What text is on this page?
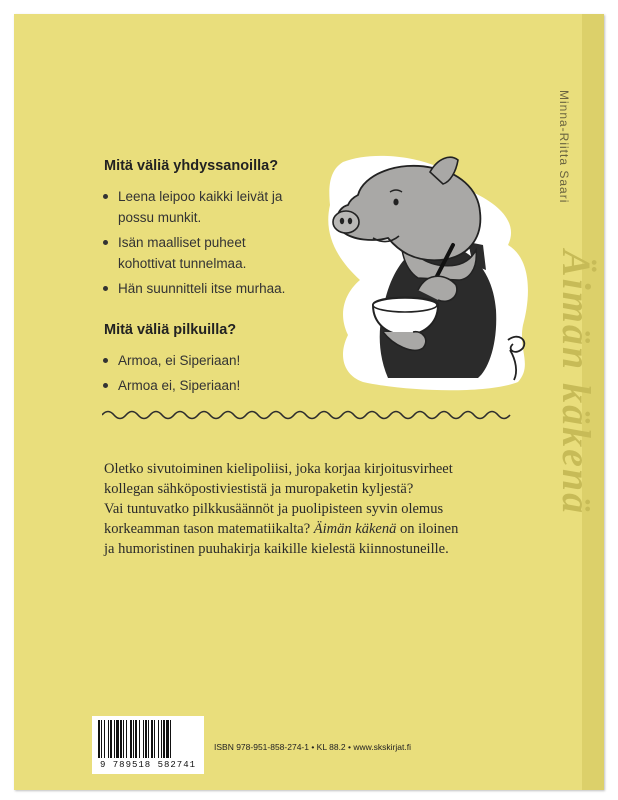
Minna-Riitta Saari
Äimän käkenä
Mitä väliä yhdyssanoilla?
Leena leipoo kaikki leivät ja
possu munkit.
Isän maalliset puheet
kohottivat tunnelmaa.
Hän suunnitteli itse murhaa.
Mitä väliä pilkuilla?
Armoa, ei Siperiaan!
Armoa ei, Siperiaan!

Oletko sivutoiminen kielipoliisi, joka korjaa kirjoitusvirheet

kollegan sähköpostiviestistä ja muropaketin kyljestä?

Vai tuntuvatko pilkkusäännöt ja puolipisteen syvin olemus

korkeamman tason matematiikalta? Äimän käkenä on iloinen

ja humoristinen puuhakirja kaikille kielestä kiinnostuneille.

9 789518 582741
ISBN 978-951-858-274-1 • KL 88.2 • www.skskirjat.fi
